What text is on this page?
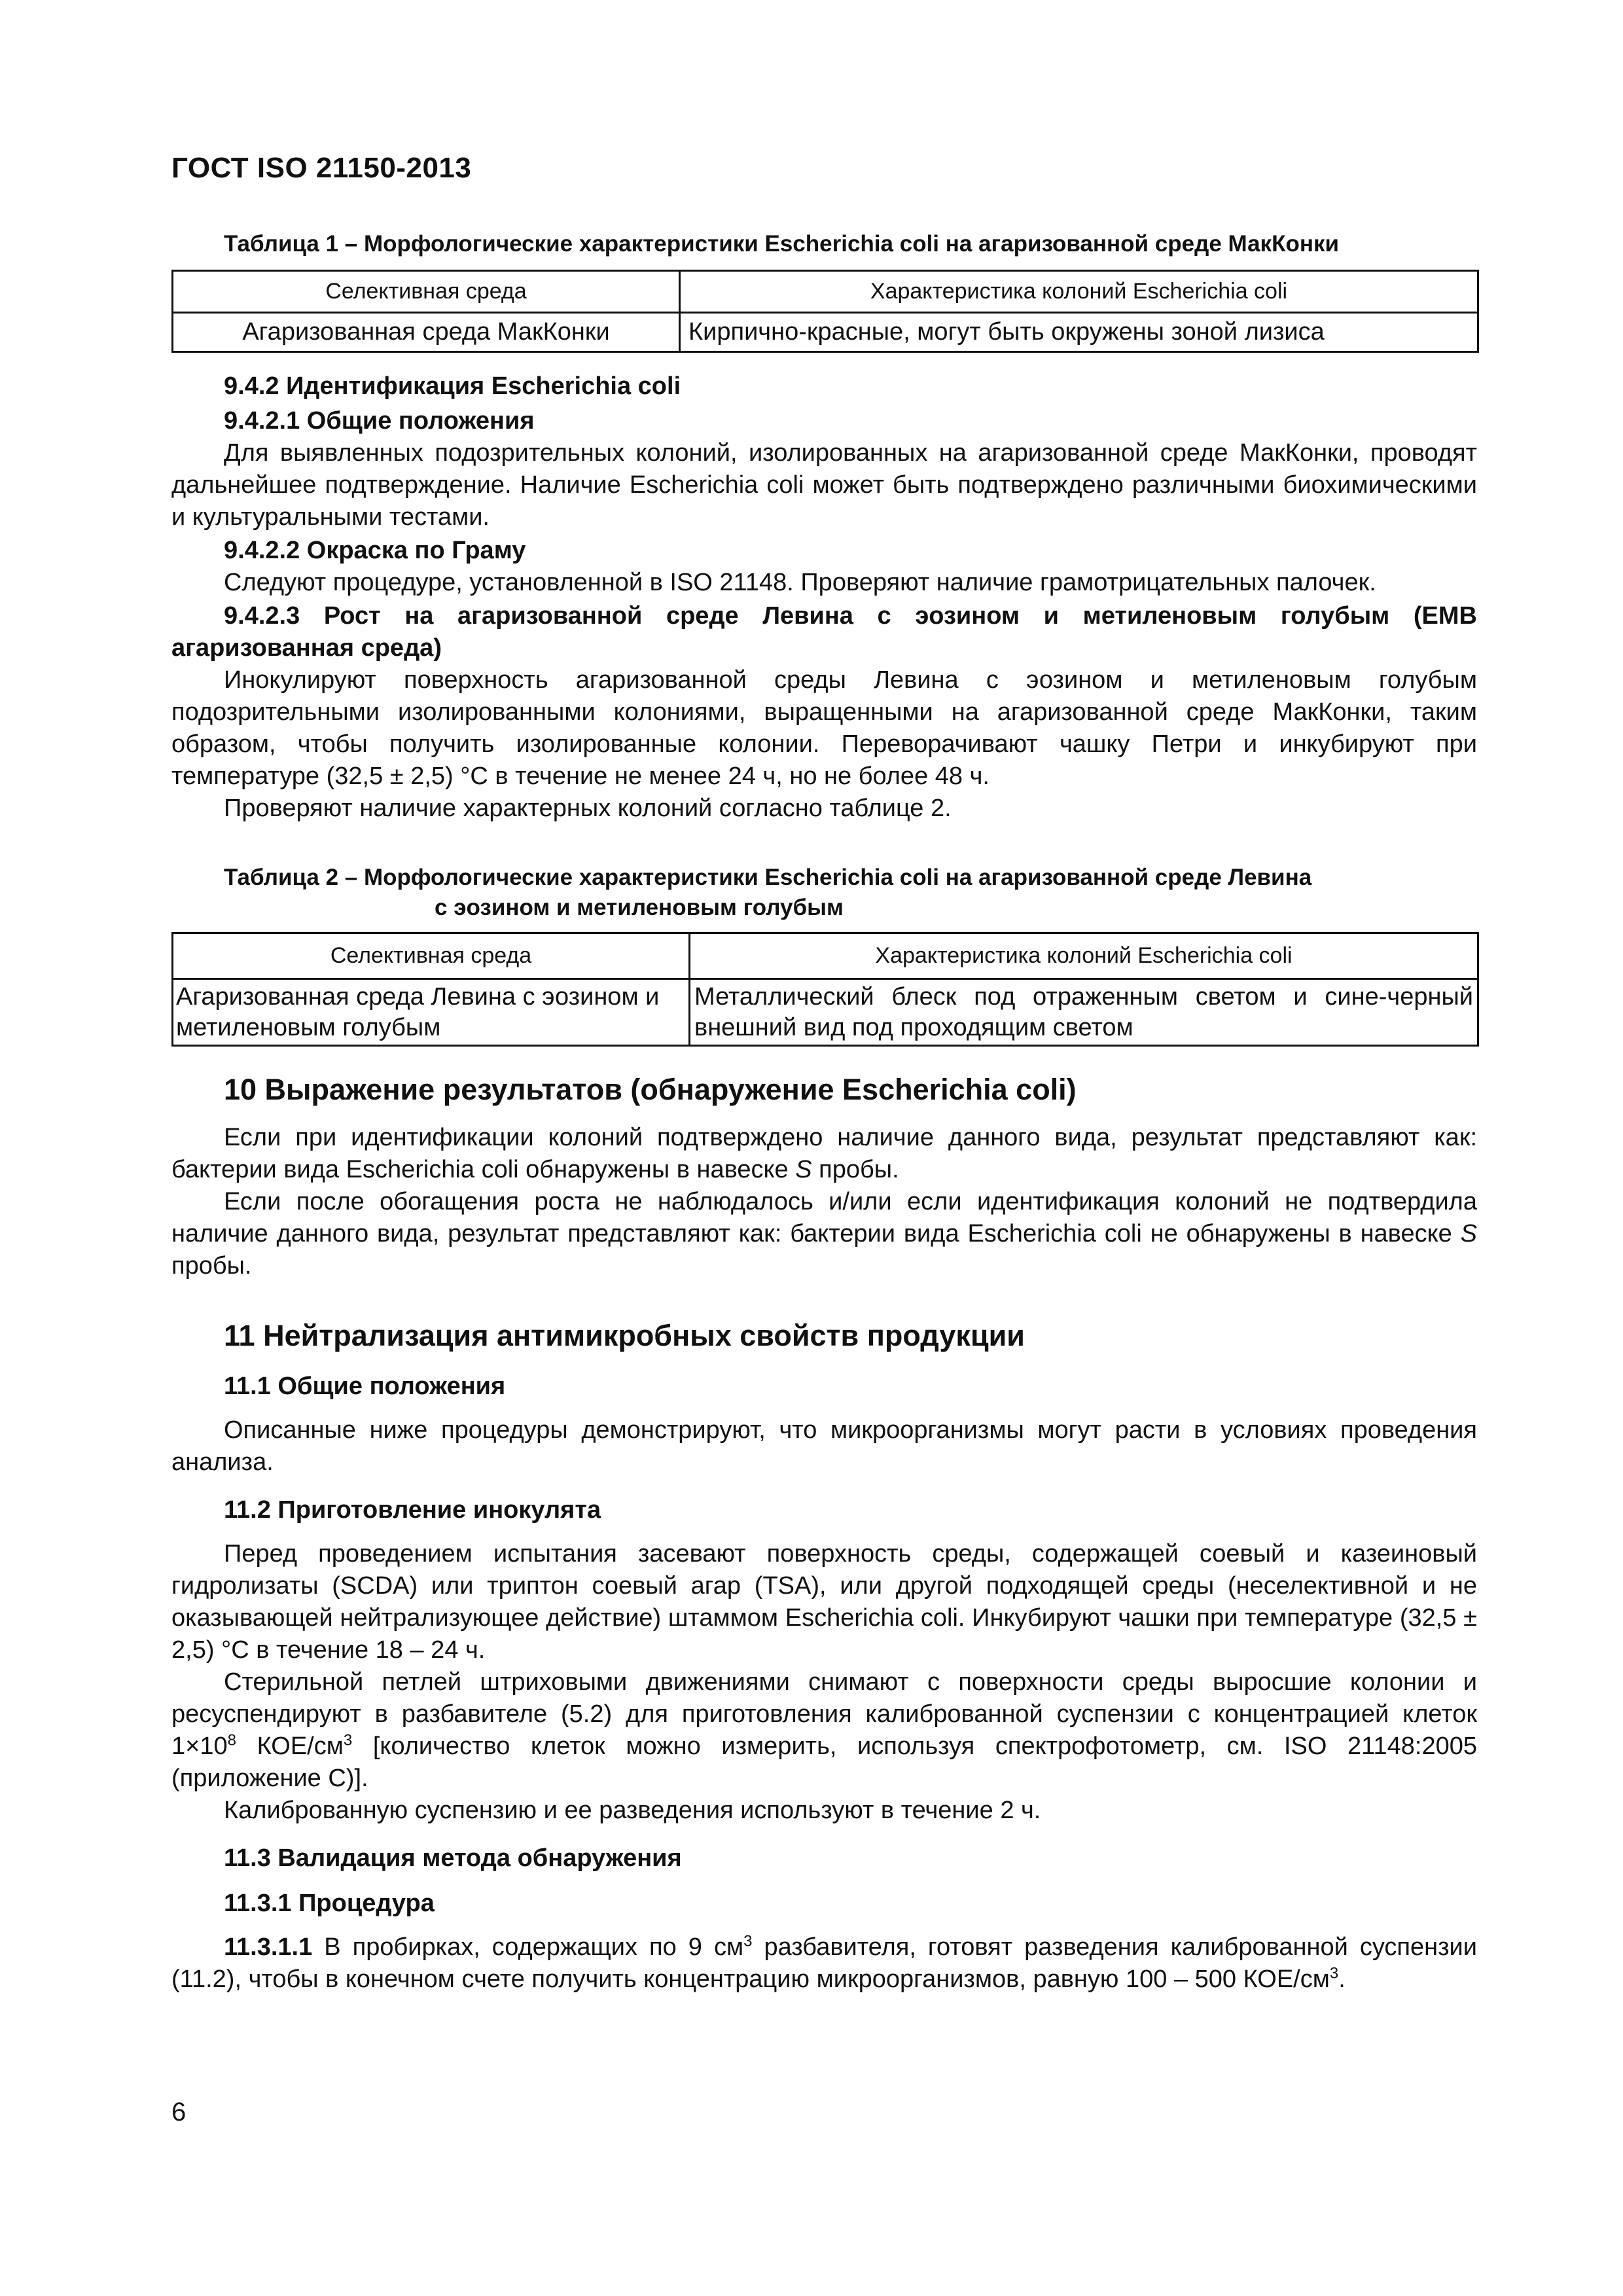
ГОСТ ISO 21150-2013
Таблица 1 – Морфологические характеристики Escherichia coli на агаризованной среде МакКонки
Селективная среда	Характеристика колоний Escherichia coli
Агаризованная среда МакКонки	Кирпично-красные, могут быть окружены зоной лизиса

9.4.2 Идентификация Escherichia coli

9.4.2.1 Общие положения

Для выявленных подозрительных колоний, изолированных на агаризованной среде МакКонки, проводят дальнейшее подтверждение. Наличие Escherichia coli может быть подтверждено различными биохимическими и культуральными тестами.

9.4.2.2 Окраска по Граму

Следуют процедуре, установленной в ISO 21148. Проверяют наличие грамотрицательных палочек.

9.4.2.3 Рост на агаризованной среде Левина с эозином и метиленовым голубым (EMB агаризованная среда)

Инокулируют поверхность агаризованной среды Левина с эозином и метиленовым голубым подозрительными изолированными колониями, выращенными на агаризованной среде МакКонки, таким образом, чтобы получить изолированные колонии. Переворачивают чашку Петри и инкубируют при температуре (32,5 ± 2,5) °С в течение не менее 24 ч, но не более 48 ч.

Проверяют наличие характерных колоний согласно таблице 2.

Таблица 2 – Морфологические характеристики Escherichia coli на агаризованной среде Левина
с эозином и метиленовым голубым
Селективная среда	Характеристика колоний Escherichia coli
Агаризованная среда Левина с эозином и метиленовым голубым	Металлический блеск под отраженным светом и сине-черный внешний вид под проходящим светом
10 Выражение результатов (обнаружение Escherichia coli)

Если при идентификации колоний подтверждено наличие данного вида, результат представляют как: бактерии вида Escherichia coli обнаружены в навеске S пробы.

Если после обогащения роста не наблюдалось и/или если идентификация колоний не подтвердила наличие данного вида, результат представляют как: бактерии вида Escherichia coli не обнаружены в навеске S пробы.

11 Нейтрализация антимикробных свойств продукции
11.1 Общие положения

Описанные ниже процедуры демонстрируют, что микроорганизмы могут расти в условиях проведения анализа.

11.2 Приготовление инокулята

Перед проведением испытания засевают поверхность среды, содержащей соевый и казеиновый гидролизаты (SCDA) или триптон соевый агар (TSA), или другой подходящей среды (неселективной и не оказывающей нейтрализующее действие) штаммом Escherichia coli. Инкубируют чашки при температуре (32,5 ± 2,5) °С в течение 18 – 24 ч.

Стерильной петлей штриховыми движениями снимают с поверхности среды выросшие колонии и ресуспендируют в разбавителе (5.2) для приготовления калиброванной суспензии с концентрацией клеток $1\times 10^8$ КОЕ/$см^3$ [количество клеток можно измерить, используя спектрофотометр, см. ISO 21148:2005 (приложение С)].

Калиброванную суспензию и ее разведения используют в течение 2 ч.

11.3 Валидация метода обнаружения
11.3.1 Процедура

11.3.1.1 В пробирках, содержащих по 9 $см^3$ разбавителя, готовят разведения калиброванной суспензии (11.2), чтобы в конечном счете получить концентрацию микроорганизмов, равную 100 – 500 КОЕ/$см^3$.

6
